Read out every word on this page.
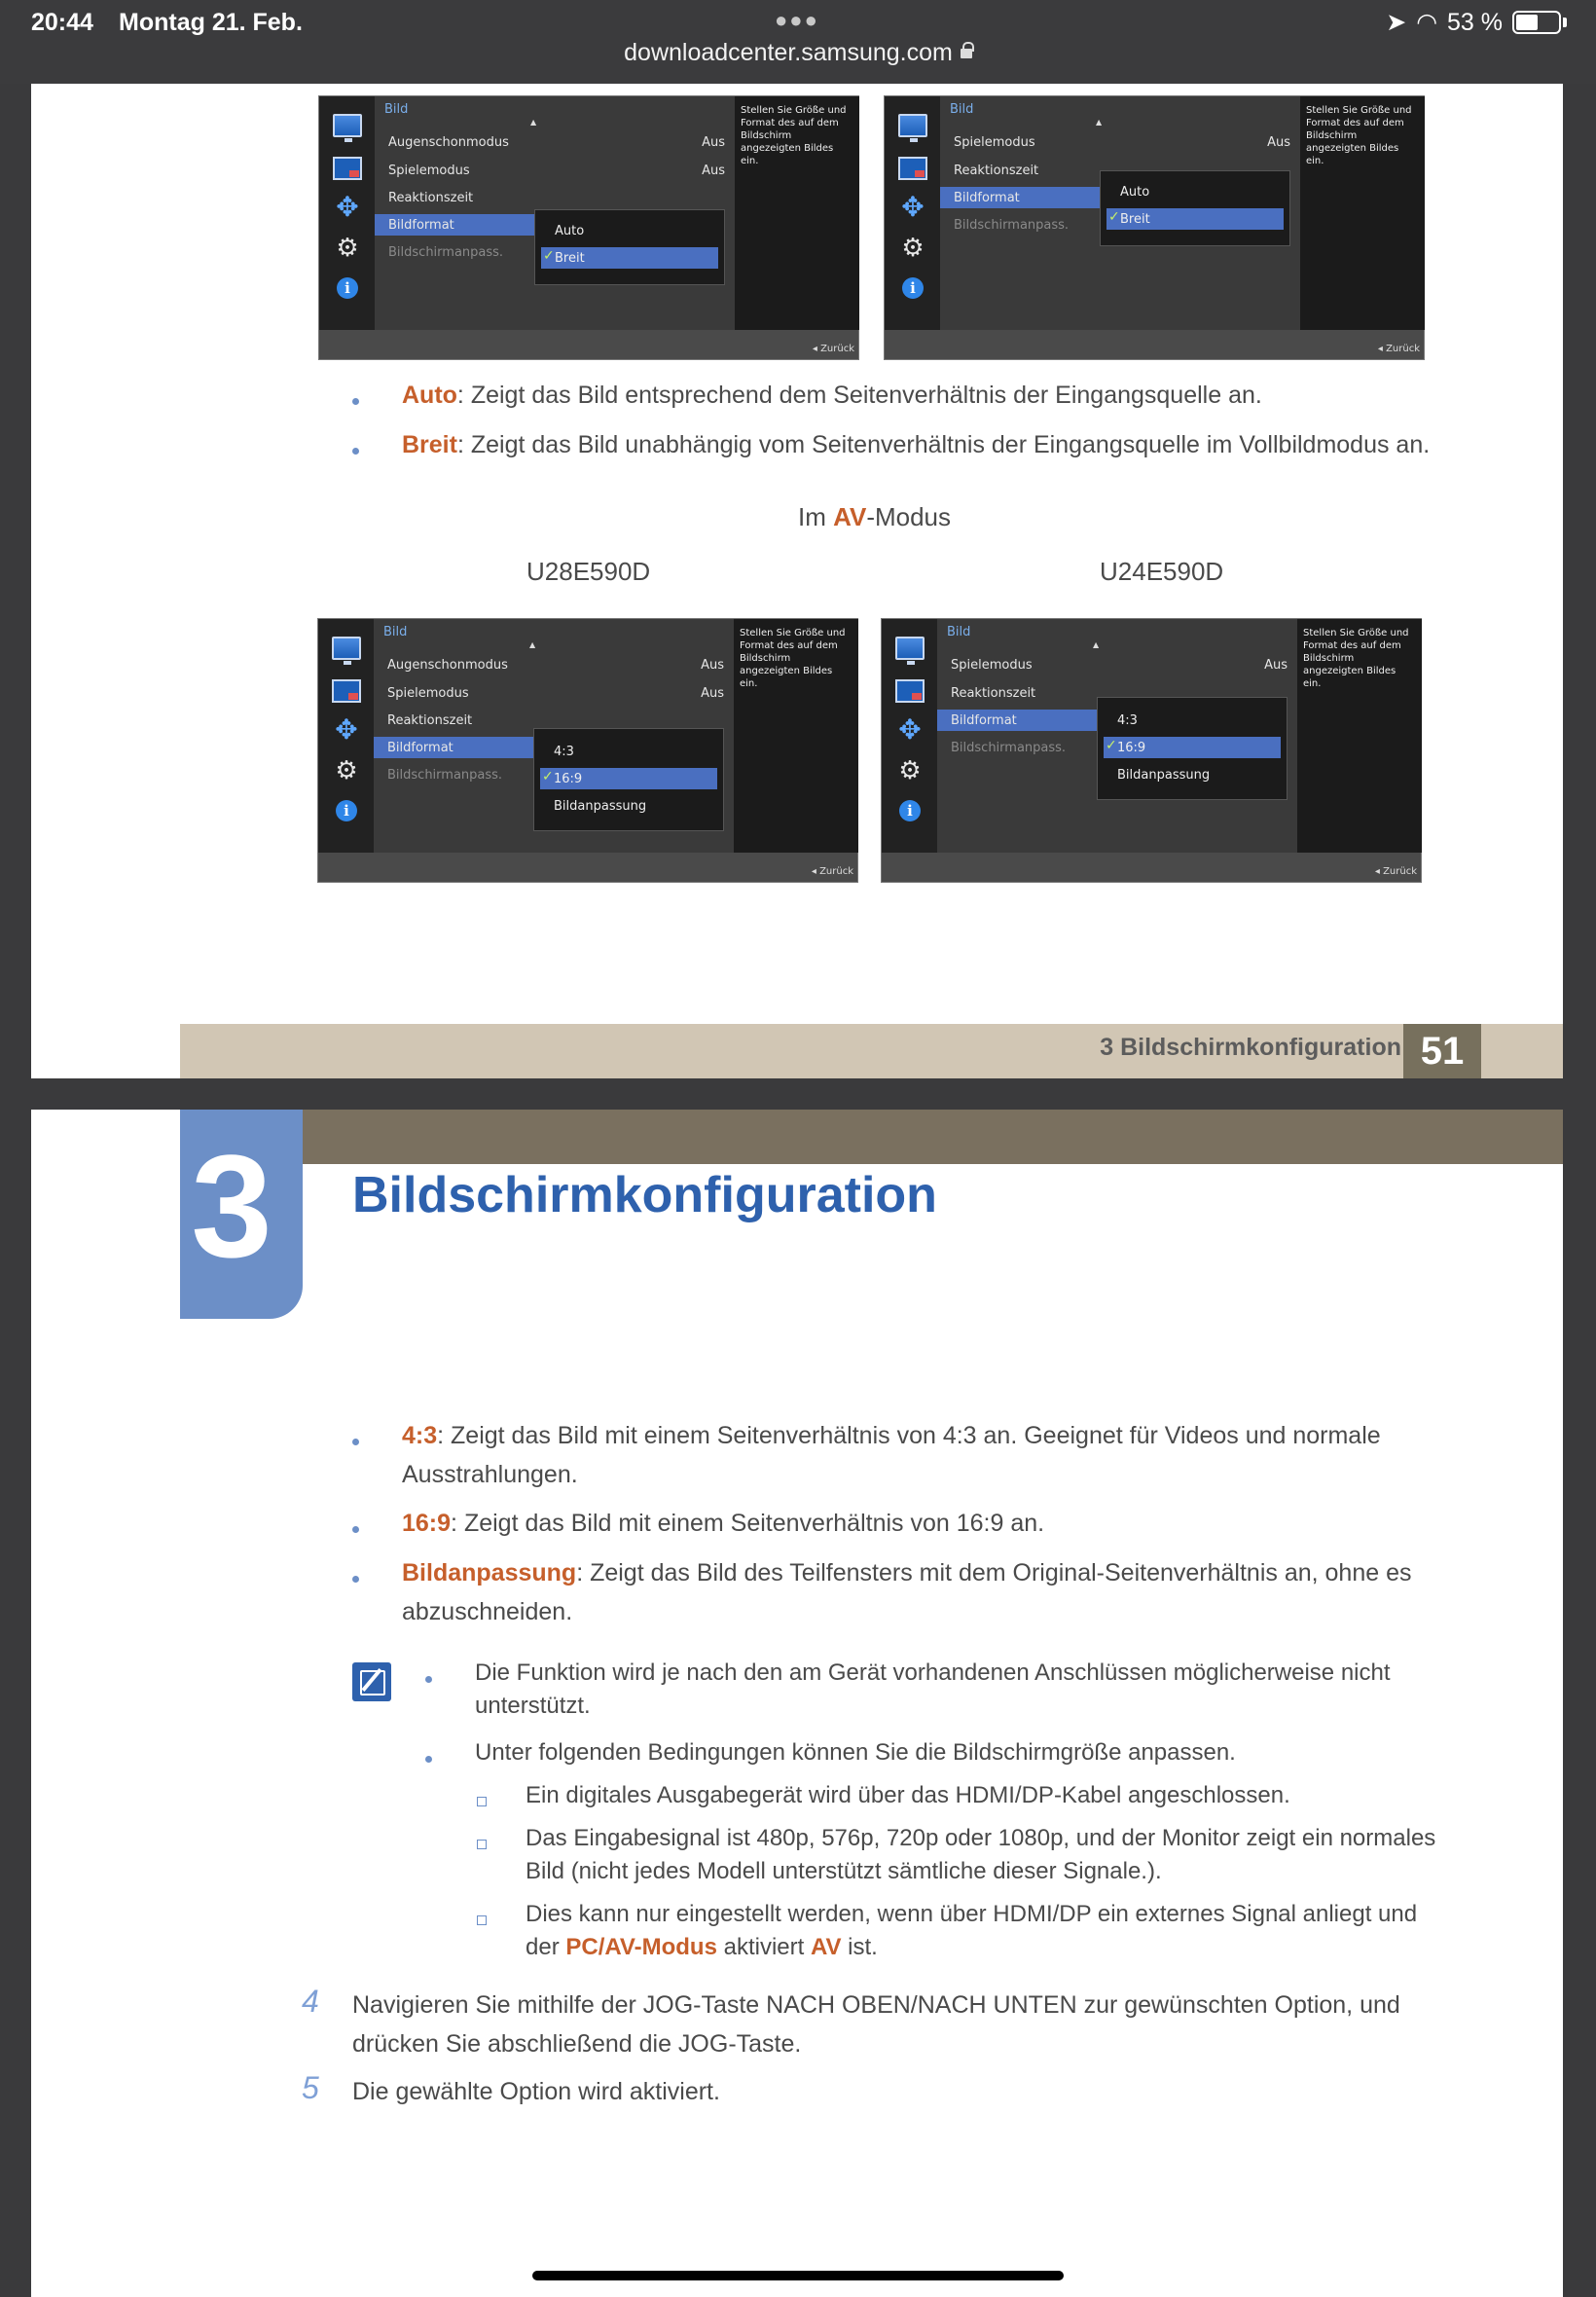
20:44 Montag 21. Feb.	●●●	➤ ◠ 53 %
downloadcenter.samsung.com
✥
⚙
i
Bild
▲
Augenschonmodus	Aus
Spielemodus	Aus
Reaktionszeit
Bildformat
Bildschirmanpass.
Auto
✓ Breit
Stellen Sie Größe und Format des auf dem Bildschirm angezeigten Bildes ein.
◂ Zurück
✥
⚙
i
Bild
▲
Spielemodus	Aus
Reaktionszeit
Bildformat
Bildschirmanpass.
Auto
✓ Breit
Stellen Sie Größe und Format des auf dem Bildschirm angezeigten Bildes ein.
◂ Zurück
Auto: Zeigt das Bild entsprechend dem Seitenverhältnis der Eingangsquelle an.
Breit: Zeigt das Bild unabhängig vom Seitenverhältnis der Eingangsquelle im Vollbildmodus an.
Im AV-Modus
U28E590D	U24E590D
✥
⚙
i
Bild
▲
Augenschonmodus	Aus
Spielemodus	Aus
Reaktionszeit
Bildformat
Bildschirmanpass.
4:3
✓ 16:9
Bildanpassung
Stellen Sie Größe und Format des auf dem Bildschirm angezeigten Bildes ein.
◂ Zurück
✥
⚙
i
Bild
▲
Spielemodus	Aus
Reaktionszeit
Bildformat
Bildschirmanpass.
4:3
✓ 16:9
Bildanpassung
Stellen Sie Größe und Format des auf dem Bildschirm angezeigten Bildes ein.
◂ Zurück
3 Bildschirmkonfiguration 51
3 Bildschirmkonfiguration
4:3: Zeigt das Bild mit einem Seitenverhältnis von 4:3 an. Geeignet für Videos und normale
Ausstrahlungen.
16:9: Zeigt das Bild mit einem Seitenverhältnis von 16:9 an.
Bildanpassung: Zeigt das Bild des Teilfensters mit dem Original-Seitenverhältnis an, ohne es
abzuschneiden.
Die Funktion wird je nach den am Gerät vorhandenen Anschlüssen möglicherweise nicht
unterstützt.
Unter folgenden Bedingungen können Sie die Bildschirmgröße anpassen.
Ein digitales Ausgabegerät wird über das HDMI/DP-Kabel angeschlossen.
Das Eingabesignal ist 480p, 576p, 720p oder 1080p, und der Monitor zeigt ein normales
Bild (nicht jedes Modell unterstützt sämtliche dieser Signale.).
Dies kann nur eingestellt werden, wenn über HDMI/DP ein externes Signal anliegt und
der PC/AV-Modus aktiviert AV ist.
4 Navigieren Sie mithilfe der JOG-Taste NACH OBEN/NACH UNTEN zur gewünschten Option, und
drücken Sie abschließend die JOG-Taste.
5 Die gewählte Option wird aktiviert.
